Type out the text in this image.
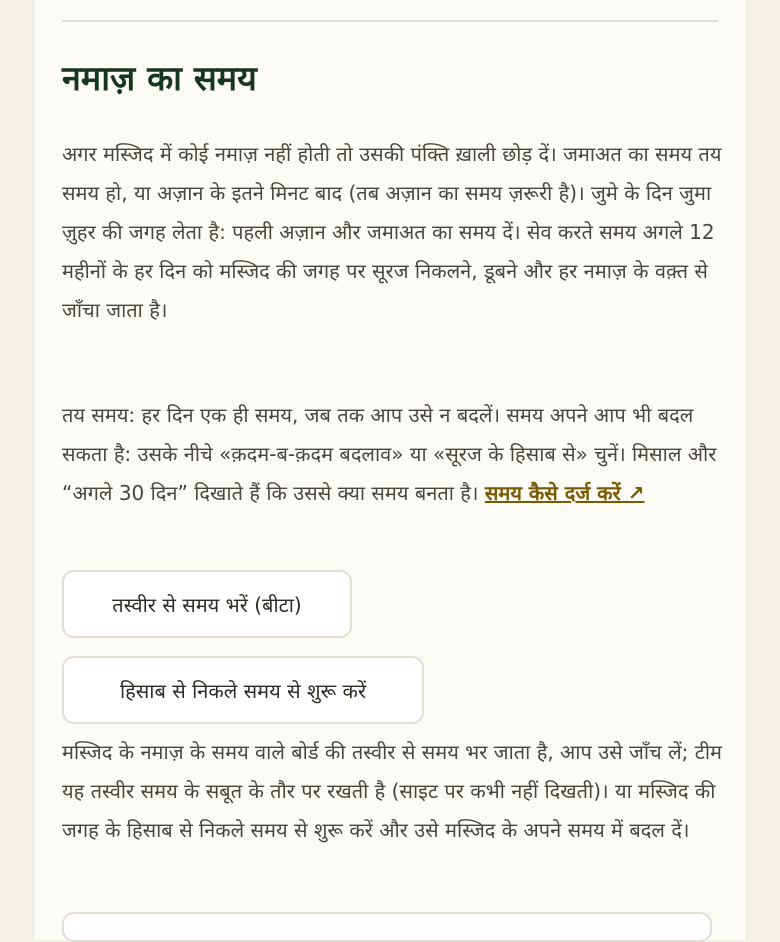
नमाज़ का समय

अगर मस्जिद में कोई नमाज़ नहीं होती तो उसकी पंक्ति ख़ाली छोड़ दें। जमाअत का समय तय समय हो, या अज़ान के इतने मिनट बाद (तब अज़ान का समय ज़रूरी है)। जुमे के दिन जुमा ज़ुहर की जगह लेता है: पहली अज़ान और जमाअत का समय दें। सेव करते समय अगले 12 महीनों के हर दिन को मस्जिद की जगह पर सूरज निकलने, डूबने और हर नमाज़ के वक़्त से जाँचा जाता है।

तय समय: हर दिन एक ही समय, जब तक आप उसे न बदलें। समय अपने आप भी बदल सकता है: उसके नीचे «क़दम-ब-क़दम बदलाव» या «सूरज के हिसाब से» चुनें। मिसाल और “अगले 30 दिन” दिखाते हैं कि उससे क्या समय बनता है। समय कैसे दर्ज करें ↗

तस्वीर से समय भरें (बीटा)
हिसाब से निकले समय से शुरू करें

मस्जिद के नमाज़ के समय वाले बोर्ड की तस्वीर से समय भर जाता है, आप उसे जाँच लें; टीम यह तस्वीर समय के सबूत के तौर पर रखती है (साइट पर कभी नहीं दिखती)। या मस्जिद की जगह के हिसाब से निकले समय से शुरू करें और उसे मस्जिद के अपने समय में बदल दें।
